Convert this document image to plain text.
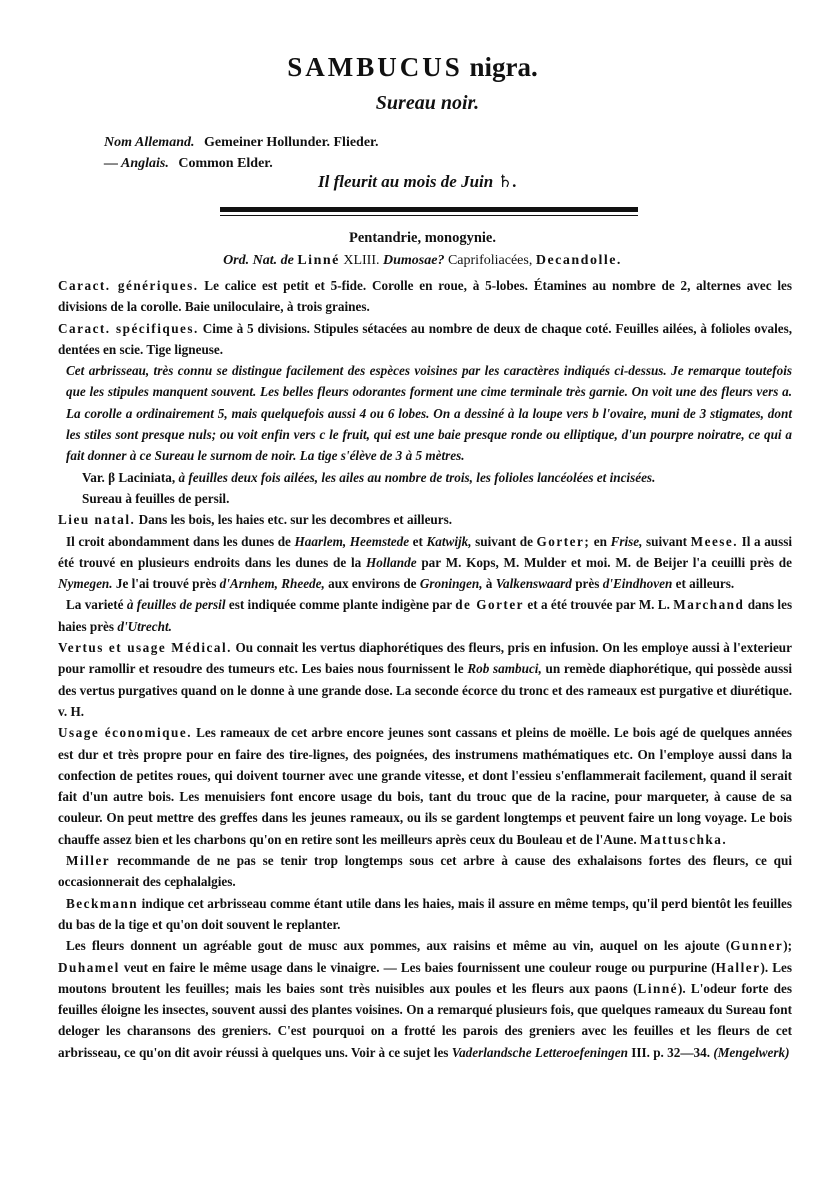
SAMBUCUS nigra.
Sureau noir.
Nom Allemand. Gemeiner Hollunder. Flieder.
— Anglais. Common Elder.
Il fleurit au mois de Juin ♄.
Pentandrie, monogynie.
Ord. Nat. de Linné XLIII. Dumosae? Caprifoliacées, Decandolle.

Caract. génériques. Le calice est petit et 5-fide. Corolle en roue, à 5-lobes. Étamines au nombre de 2, alternes avec les divisions de la corolle. Baie uniloculaire, à trois graines.

Caract. spécifiques. Cime à 5 divisions. Stipules sétacées au nombre de deux de chaque coté. Feuilles ailées, à folioles ovales, dentées en scie. Tige ligneuse.

Cet arbrisseau, très connu se distingue facilement des espèces voisines par les caractères indiqués ci-dessus. Je remarque toutefois que les stipules manquent souvent. Les belles fleurs odorantes forment une cime terminale très garnie. On voit une des fleurs vers a. La corolle a ordinairement 5, mais quelquefois aussi 4 ou 6 lobes. On a dessiné à la loupe vers b l'ovaire, muni de 3 stigmates, dont les stiles sont presque nuls; ou voit enfin vers c le fruit, qui est une baie presque ronde ou elliptique, d'un pourpre noiratre, ce qui a fait donner à ce Sureau le surnom de noir. La tige s'élève de 3 à 5 mètres.

Var. β Laciniata, à feuilles deux fois ailées, les ailes au nombre de trois, les folioles lancéolées et incisées.

Sureau à feuilles de persil.

Lieu natal. Dans les bois, les haies etc. sur les decombres et ailleurs.

Il croit abondamment dans les dunes de Haarlem, Heemstede et Katwijk, suivant de Gorter; en Frise, suivant Meese. Il a aussi été trouvé en plusieurs endroits dans les dunes de la Hollande par M. Kops, M. Mulder et moi. M. de Beijer l'a ceuilli près de Nymegen. Je l'ai trouvé près d'Arnhem, Rheede, aux environs de Groningen, à Valkenswaard près d'Eindhoven et ailleurs.

La varieté à feuilles de persil est indiquée comme plante indigène par de Gorter et a été trouvée par M. L. Marchand dans les haies près d'Utrecht.

Vertus et usage Médical. Ou connait les vertus diaphorétiques des fleurs, pris en infusion. On les employe aussi à l'exterieur pour ramollir et resoudre des tumeurs etc. Les baies nous fournissent le Rob sambuci, un remède diaphorétique, qui possède aussi des vertus purgatives quand on le donne à une grande dose. La seconde écorce du tronc et des rameaux est purgative et diurétique. v. H.

Usage économique. Les rameaux de cet arbre encore jeunes sont cassans et pleins de moëlle. Le bois agé de quelques années est dur et très propre pour en faire des tire-lignes, des poignées, des instrumens mathématiques etc. On l'employe aussi dans la confection de petites roues, qui doivent tourner avec une grande vitesse, et dont l'essieu s'enflammerait facilement, quand il serait fait d'un autre bois. Les menuisiers font encore usage du bois, tant du trouc que de la racine, pour marqueter, à cause de sa couleur. On peut mettre des greffes dans les jeunes rameaux, ou ils se gardent longtemps et peuvent faire un long voyage. Le bois chauffe assez bien et les charbons qu'on en retire sont les meilleurs après ceux du Bouleau et de l'Aune. Mattuschka.

Miller recommande de ne pas se tenir trop longtemps sous cet arbre à cause des exhalaisons fortes des fleurs, ce qui occasionnerait des cephalalgies.

Beckmann indique cet arbrisseau comme étant utile dans les haies, mais il assure en même temps, qu'il perd bientôt les feuilles du bas de la tige et qu'on doit souvent le replanter.

Les fleurs donnent un agréable gout de musc aux pommes, aux raisins et même au vin, auquel on les ajoute (Gunner); Duhamel veut en faire le même usage dans le vinaigre. — Les baies fournissent une couleur rouge ou purpurine (Haller). Les moutons broutent les feuilles; mais les baies sont très nuisibles aux poules et les fleurs aux paons (Linné). L'odeur forte des feuilles éloigne les insectes, souvent aussi des plantes voisines. On a remarqué plusieurs fois, que quelques rameaux du Sureau font deloger les charansons des greniers. C'est pourquoi on a frotté les parois des greniers avec les feuilles et les fleurs de cet arbrisseau, ce qu'on dit avoir réussi à quelques uns. Voir à ce sujet les Vaderlandsche Letteroefeningen III. p. 32—34. (Mengelwerk)
